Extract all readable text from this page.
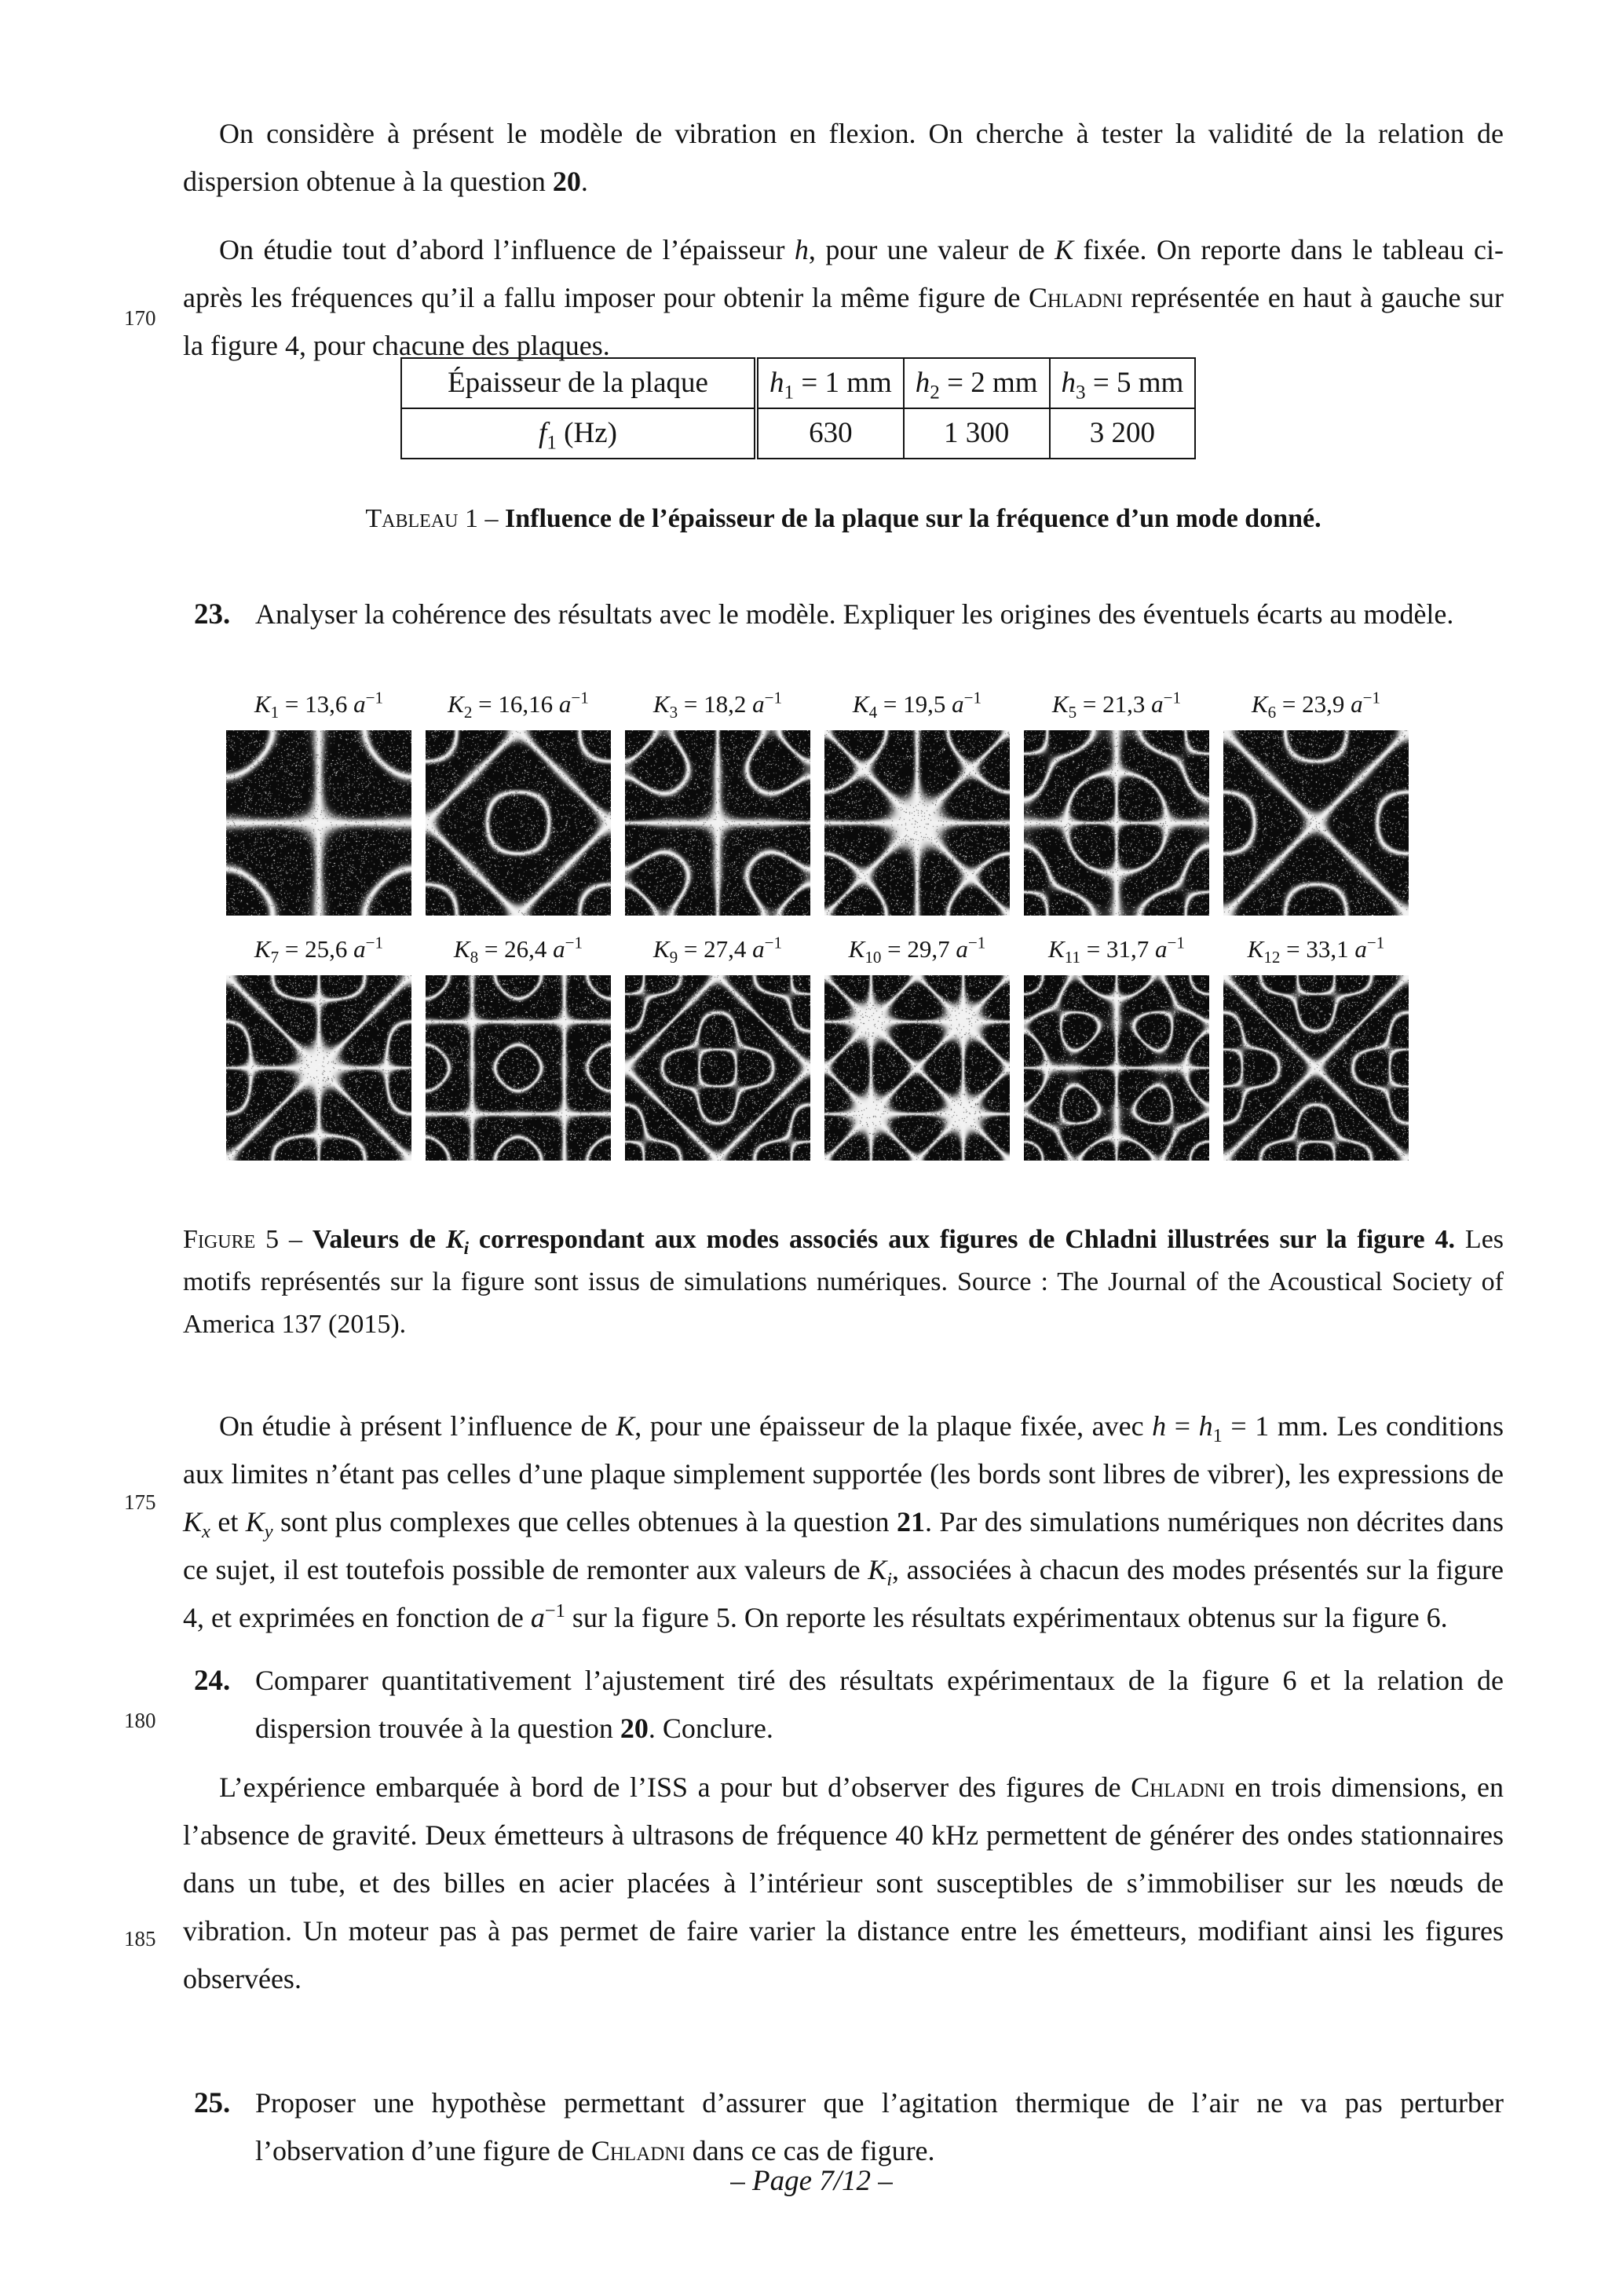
170
175
180
185

On considère à présent le modèle de vibration en flexion. On cherche à tester la validité de la relation de dispersion obtenue à la question 20.

On étudie tout d’abord l’influence de l’épaisseur h, pour une valeur de K fixée. On reporte dans le tableau ci-après les fréquences qu’il a fallu imposer pour obtenir la même figure de Chladni représentée en haut à gauche sur la figure 4, pour chacune des plaques.

Épaisseur de la plaque	$h_1 = 1$ mm	$h_2 = 2$ mm	$h_3 = 5$ mm
$f_1$ (Hz)	630	1 300	3 200

Tableau 1 – Influence de l’épaisseur de la plaque sur la fréquence d’un mode donné.

23. Analyser la cohérence des résultats avec le modèle. Expliquer les origines des éventuels écarts au modèle.

$K_1 = 13,6$ $a^{-1}$	$K_2 = 16,16$ $a^{-1}$	$K_3 = 18,2$ $a^{-1}$	$K_4 = 19,5$ $a^{-1}$	$K_5 = 21,3$ $a^{-1}$	$K_6 = 23,9$ $a^{-1}$
$K_7 = 25,6$ $a^{-1}$	$K_8 = 26,4$ $a^{-1}$	$K_9 = 27,4$ $a^{-1}$	$K_{10} = 29,7$ $a^{-1}$	$K_{11} = 31,7$ $a^{-1}$	$K_{12} = 33,1$ $a^{-1}$

Figure 5 – Valeurs de $K_i$ correspondant aux modes associés aux figures de Chladni illustrées sur la figure 4. Les motifs représentés sur la figure sont issus de simulations numériques. Source : The Journal of the Acoustical Society of America 137 (2015).

On étudie à présent l’influence de K, pour une épaisseur de la plaque fixée, avec $h = h_1 = 1$ mm. Les conditions aux limites n’étant pas celles d’une plaque simplement supportée (les bords sont libres de vibrer), les expressions de $K_x$ et $K_y$ sont plus complexes que celles obtenues à la question 21. Par des simulations numériques non décrites dans ce sujet, il est toutefois possible de remonter aux valeurs de $K_i$, associées à chacun des modes présentés sur la figure 4, et exprimées en fonction de $a^{-1}$ sur la figure 5. On reporte les résultats expérimentaux obtenus sur la figure 6.

24. Comparer quantitativement l’ajustement tiré des résultats expérimentaux de la figure 6 et la relation de dispersion trouvée à la question 20. Conclure.

L’expérience embarquée à bord de l’ISS a pour but d’observer des figures de Chladni en trois dimensions, en l’absence de gravité. Deux émetteurs à ultrasons de fréquence 40 kHz permettent de générer des ondes stationnaires dans un tube, et des billes en acier placées à l’intérieur sont susceptibles de s’immobiliser sur les nœuds de vibration. Un moteur pas à pas permet de faire varier la distance entre les émetteurs, modifiant ainsi les figures observées.

25. Proposer une hypothèse permettant d’assurer que l’agitation thermique de l’air ne va pas perturber l’observation d’une figure de Chladni dans ce cas de figure.

– Page 7/12 –
